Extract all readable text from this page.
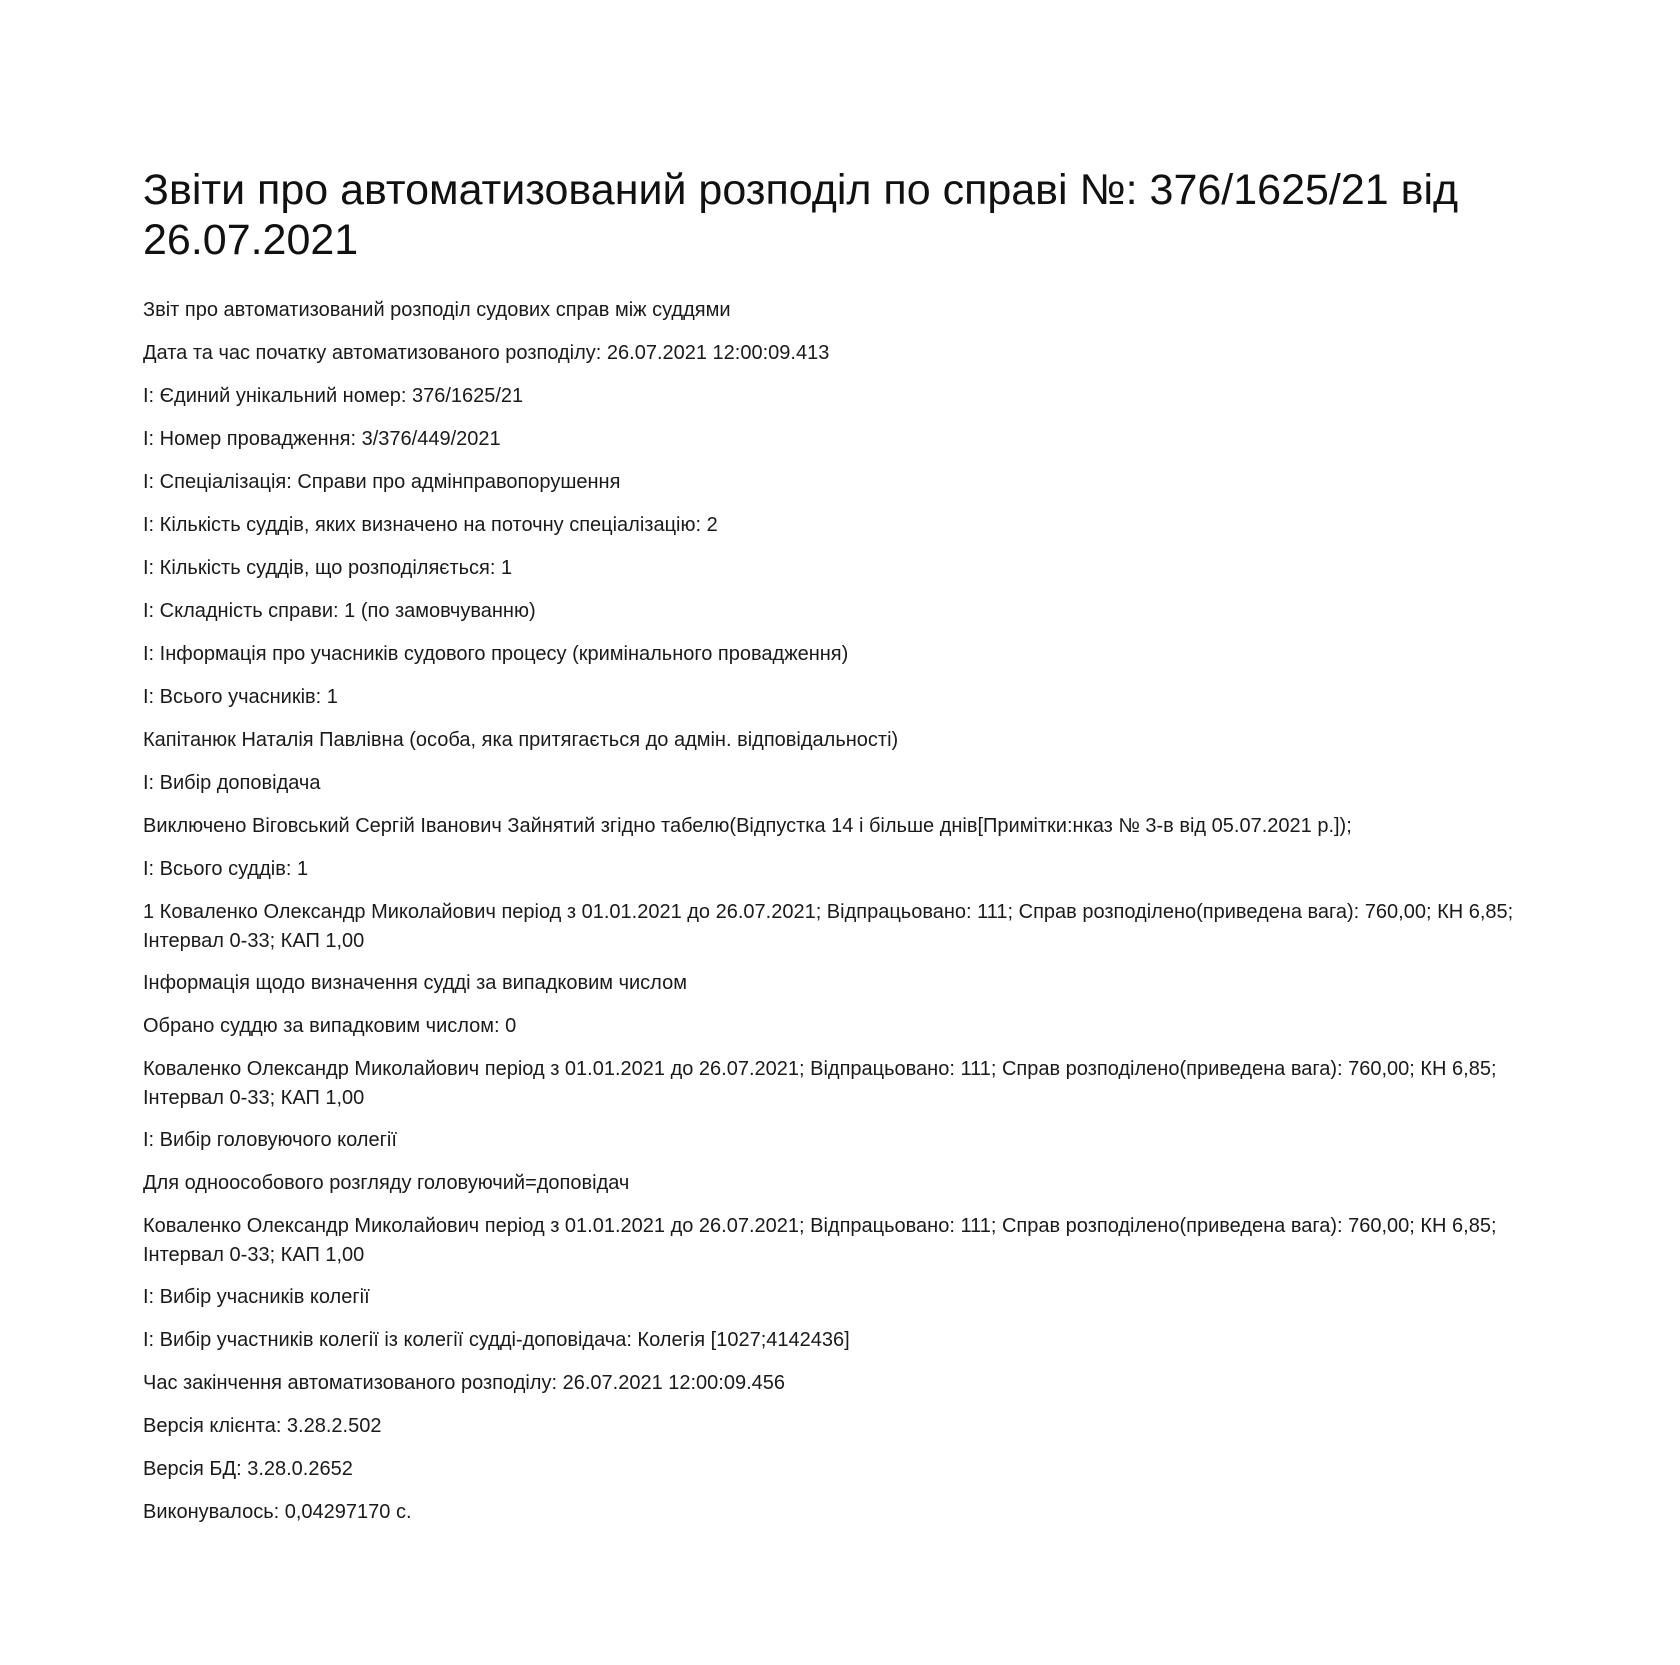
Звіти про автоматизований розподіл по справі №: 376/1625/21 від 26.07.2021
Звіт про автоматизований розподіл судових справ між суддями
Дата та час початку автоматизованого розподілу: 26.07.2021 12:00:09.413
І: Єдиний унікальний номер: 376/1625/21
І: Номер провадження: 3/376/449/2021
І: Спеціалізація: Справи про адмінправопорушення
І: Кількість суддів, яких визначено на поточну спеціалізацію: 2
І: Кількість суддів, що розподіляється: 1
І: Складність справи: 1 (по замовчуванню)
І: Інформація про учасників судового процесу (кримінального провадження)
І: Всього учасників: 1
Капітанюк Наталія Павлівна (особа, яка притягається до адмін. відповідальності)
І: Вибір доповідача
Виключено Віговський Сергій Іванович Зайнятий згідно табелю(Відпустка 14 і більше днів[Примітки:нказ № 3-в від 05.07.2021 р.]);
І: Всього суддів: 1
1 Коваленко Олександр Миколайович період з 01.01.2021 до 26.07.2021; Відпрацьовано: 111; Справ розподілено(приведена вага): 760,00; КН 6,85; Інтервал 0-33; КАП 1,00
Інформація щодо визначення судді за випадковим числом
Обрано суддю за випадковим числом: 0
Коваленко Олександр Миколайович період з 01.01.2021 до 26.07.2021; Відпрацьовано: 111; Справ розподілено(приведена вага): 760,00; КН 6,85; Інтервал 0-33; КАП 1,00
І: Вибір головуючого колегії
Для одноособового розгляду головуючий=доповідач
Коваленко Олександр Миколайович період з 01.01.2021 до 26.07.2021; Відпрацьовано: 111; Справ розподілено(приведена вага): 760,00; КН 6,85; Інтервал 0-33; КАП 1,00
І: Вибір учасників колегії
І: Вибір участників колегії із колегії судді-доповідача: Колегія [1027;4142436]
Час закінчення автоматизованого розподілу: 26.07.2021 12:00:09.456
Версія клієнта: 3.28.2.502
Версія БД: 3.28.0.2652
Виконувалось: 0,04297170 с.
